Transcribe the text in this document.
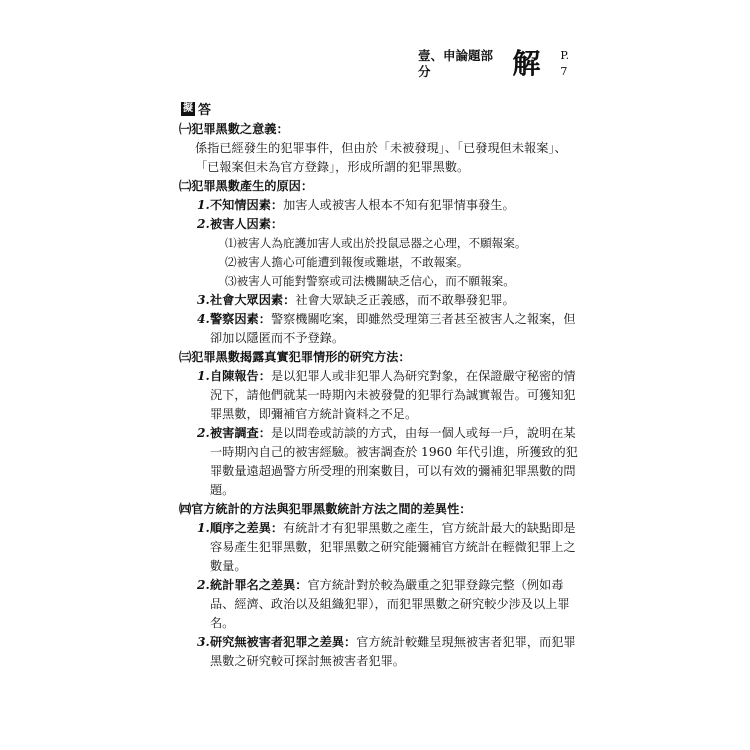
壹、申論題部分	解 P. 7
擬 答
㈠犯罪黑數之意義：
係指已經發生的犯罪事件，但由於「未被發現」、「已發現但未報案」、「已報案但未為官方登錄」，形成所謂的犯罪黑數。
㈡犯罪黑數產生的原因：
1. 不知情因素：加害人或被害人根本不知有犯罪情事發生。
2. 被害人因素：
⑴被害人為庇護加害人或出於投鼠忌器之心理，不願報案。
⑵被害人擔心可能遭到報復或難堪，不敢報案。
⑶被害人可能對警察或司法機關缺乏信心，而不願報案。
3. 社會大眾因素：社會大眾缺乏正義感，而不敢舉發犯罪。
4. 警察因素：警察機關吃案，即雖然受理第三者甚至被害人之報案，但卻加以隱匿而不予登錄。
㈢犯罪黑數揭露真實犯罪情形的研究方法：
1. 自陳報告：是以犯罪人或非犯罪人為研究對象，在保證嚴守秘密的情況下，請他們就某一時期內未被發覺的犯罪行為誠實報告。可獲知犯罪黑數，即彌補官方統計資料之不足。
2. 被害調查：是以問卷或訪談的方式，由每一個人或每一戶，說明在某一時期內自己的被害經驗。被害調查於 1960 年代引進，所獲致的犯罪數量遠超過警方所受理的刑案數目，可以有效的彌補犯罪黑數的問題。
㈣官方統計的方法與犯罪黑數統計方法之間的差異性：
1. 順序之差異：有統計才有犯罪黑數之產生，官方統計最大的缺點即是容易產生犯罪黑數，犯罪黑數之研究能彌補官方統計在輕微犯罪上之數量。
2. 統計罪名之差異：官方統計對於較為嚴重之犯罪登錄完整（例如毒品、經濟、政治以及組織犯罪），而犯罪黑數之研究較少涉及以上罪名。
3. 研究無被害者犯罪之差異：官方統計較難呈現無被害者犯罪，而犯罪黑數之研究較可探討無被害者犯罪。
